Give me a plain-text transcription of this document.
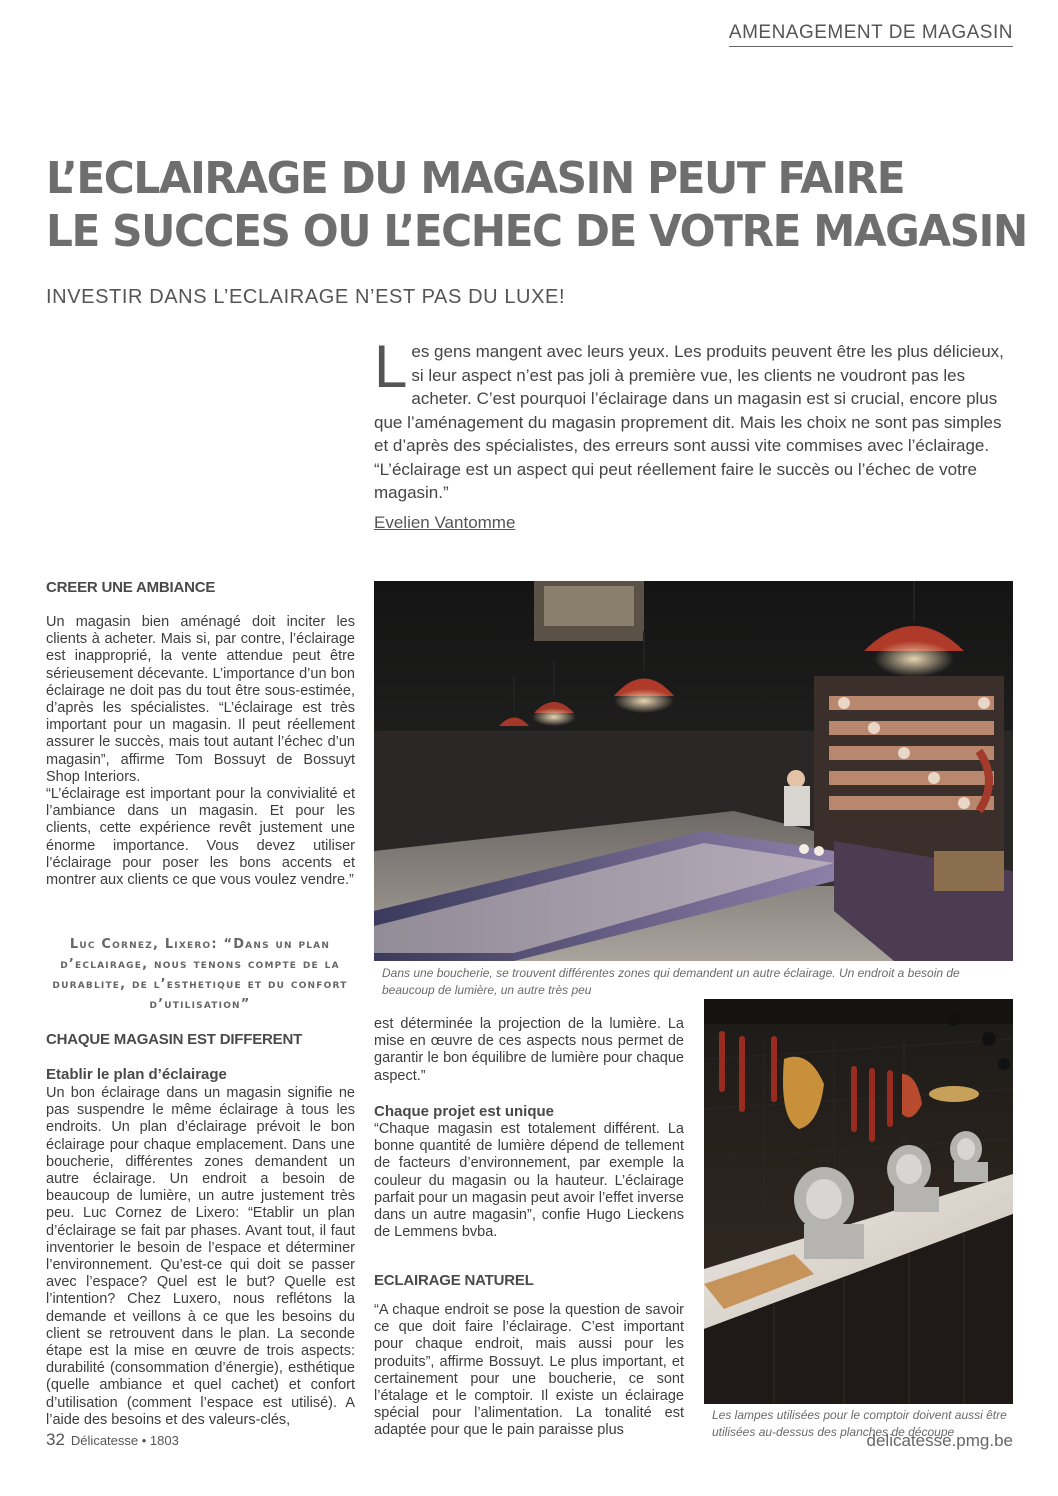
AMENAGEMENT DE MAGASIN
L’ECLAIRAGE DU MAGASIN PEUT FAIRE
LE SUCCES OU L’ECHEC DE VOTRE MAGASIN
INVESTIR DANS L’ECLAIRAGE N’EST PAS DU LUXE!
Les gens mangent avec leurs yeux. Les produits peuvent être les plus délicieux, si leur aspect n’est pas joli à première vue, les clients ne voudront pas les acheter. C’est pourquoi l’éclairage dans un magasin est si crucial, encore plus que l’aménagement du magasin proprement dit. Mais les choix ne sont pas simples et d’après des spécialistes, des erreurs sont aussi vite commises avec l’éclairage. “L’éclairage est un aspect qui peut réellement faire le succès ou l’échec de votre magasin.”
Evelien Vantomme
CREER UNE AMBIANCE

Un magasin bien aménagé doit inciter les clients à acheter. Mais si, par contre, l’éclairage est inapproprié, la vente attendue peut être sérieusement décevante. L’importance d’un bon éclairage ne doit pas du tout être sous-estimée, d’après les spécialistes. “L’éclairage est très important pour un magasin. Il peut réellement assurer le succès, mais tout autant l’échec d’un magasin”, affirme Tom Bossuyt de Bossuyt Shop Interiors.

“L’éclairage est important pour la convivialité et l’ambiance dans un magasin. Et pour les clients, cette expérience revêt justement une énorme importance. Vous devez utiliser l’éclairage pour poser les bons accents et montrer aux clients ce que vous voulez vendre.”

Luc Cornez, Lixero: “Dans un plan d’eclairage, nous tenons compte de la durablite, de l’esthetique et du confort d’utilisation”
CHAQUE MAGASIN EST DIFFERENT
Etablir le plan d’éclairage

Un bon éclairage dans un magasin signifie ne pas suspendre le même éclairage à tous les endroits. Un plan d’éclairage prévoit le bon éclairage pour chaque emplacement. Dans une boucherie, différentes zones demandent un autre éclairage. Un endroit a besoin de beaucoup de lumière, un autre justement très peu. Luc Cornez de Lixero: “Etablir un plan d’éclairage se fait par phases. Avant tout, il faut inventorier le besoin de l’espace et déterminer l’environnement. Qu’est-ce qui doit se passer avec l’espace? Quel est le but? Quelle est l’intention? Chez Luxero, nous reflétons la demande et veillons à ce que les besoins du client se retrouvent dans le plan. La seconde étape est la mise en œuvre de trois aspects: durabilité (consommation d’énergie), esthétique (quelle ambiance et quel cachet) et confort d’utilisation (comment l’espace est utilisé). A l’aide des besoins et des valeurs-clés,

Dans une boucherie, se trouvent différentes zones qui demandent un autre éclairage. Un endroit a besoin de beaucoup de lumière, un autre très peu

est déterminée la projection de la lumière. La mise en œuvre de ces aspects nous permet de garantir le bon équilibre de lumière pour chaque aspect.”

Chaque projet est unique

“Chaque magasin est totalement différent. La bonne quantité de lumière dépend de tellement de facteurs d’environnement, par exemple la couleur du magasin ou la hauteur. L’éclairage parfait pour un magasin peut avoir l’effet inverse dans un autre magasin”, confie Hugo Lieckens de Lemmens bvba.

ECLAIRAGE NATUREL

“A chaque endroit se pose la question de savoir ce que doit faire l’éclairage. C’est important pour chaque endroit, mais aussi pour les produits”, affirme Bossuyt. Le plus important, et certainement pour une boucherie, ce sont l’étalage et le comptoir. Il existe un éclairage spécial pour l’alimentation. La tonalité est adaptée pour que le pain paraisse plus

Les lampes utilisées pour le comptoir doivent aussi être utilisées au-dessus des planches de découpe
32 Délicatesse • 1803	delicatesse.pmg.be
